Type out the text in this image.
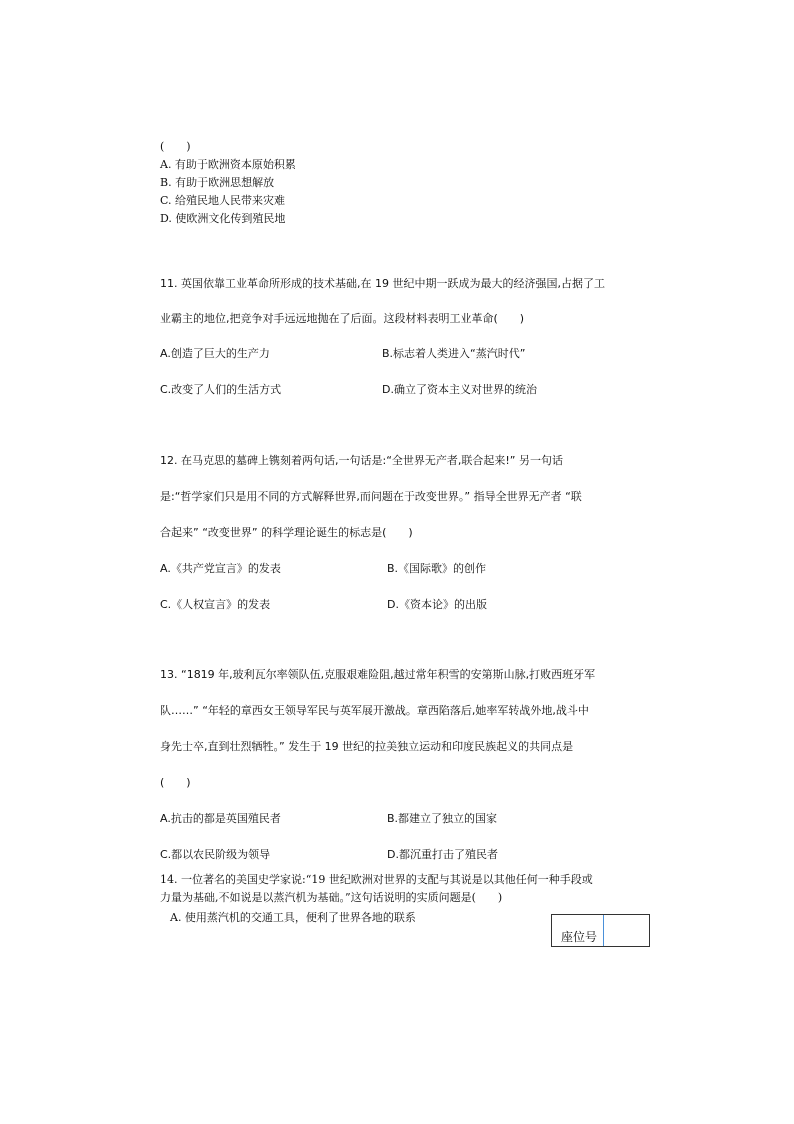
(　　)
A. 有助于欧洲资本原始积累
B. 有助于欧洲思想解放
C. 给殖民地人民带来灾难
D. 使欧洲文化传到殖民地
11. 英国依靠工业革命所形成的技术基础,在 19 世纪中期一跃成为最大的经济强国,占据了工
业霸主的地位,把竞争对手远远地抛在了后面。这段材料表明工业革命(　　)
A.创造了巨大的生产力	B.标志着人类进入“蒸汽时代”
C.改变了人们的生活方式	D.确立了资本主义对世界的统治
12. 在马克思的墓碑上镌刻着两句话,一句话是:“全世界无产者,联合起来!” 另一句话
是:“哲学家们只是用不同的方式解释世界,而问题在于改变世界。” 指导全世界无产者 “联
合起来” “改变世界” 的科学理论诞生的标志是(　　)
A.《共产党宣言》的发表	B.《国际歌》的创作
C.《人权宣言》的发表	D.《资本论》的出版
13. “1819 年,玻利瓦尔率领队伍,克服艰难险阻,越过常年积雪的安第斯山脉,打败西班牙军
队……” “年轻的章西女王领导军民与英军展开激战。章西陷落后,她率军转战外地,战斗中
身先士卒,直到壮烈牺牲。” 发生于 19 世纪的拉美独立运动和印度民族起义的共同点是
(　　)
A.抗击的都是英国殖民者	B.都建立了独立的国家
C.都以农民阶级为领导	D.都沉重打击了殖民者
14. 一位著名的美国史学家说:“19 世纪欧洲对世界的支配与其说是以其他任何一种手段或
力量为基础,不如说是以蒸汽机为基础。”这句话说明的实质问题是(　　)
A. 使用蒸汽机的交通工具，便利了世界各地的联系
座位号
